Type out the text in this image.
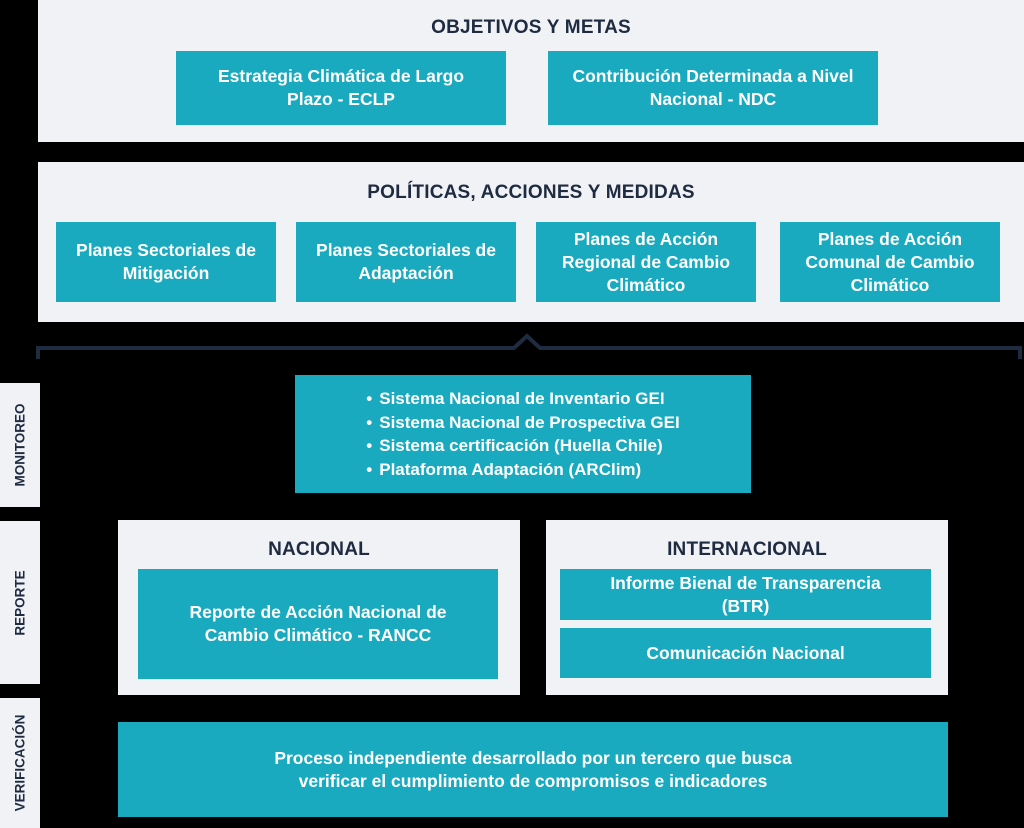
OBJETIVOS Y METAS
Estrategia Climática de Largo
Plazo - ECLP
Contribución Determinada a Nivel
Nacional - NDC
POLÍTICAS, ACCIONES Y MEDIDAS
Planes Sectoriales de
Mitigación
Planes Sectoriales de
Adaptación
Planes de Acción
Regional de Cambio
Climático
Planes de Acción
Comunal de Cambio
Climático
MONITOREO
REPORTE
VERIFICACIÓN
• Sistema Nacional de Inventario GEI
• Sistema Nacional de Prospectiva GEI
• Sistema certificación (Huella Chile)
• Plataforma Adaptación (ARClim)
NACIONAL
Reporte de Acción Nacional de
Cambio Climático - RANCC
INTERNACIONAL
Informe Bienal de Transparencia
(BTR)
Comunicación Nacional
Proceso independiente desarrollado por un tercero que busca
verificar el cumplimiento de compromisos e indicadores
